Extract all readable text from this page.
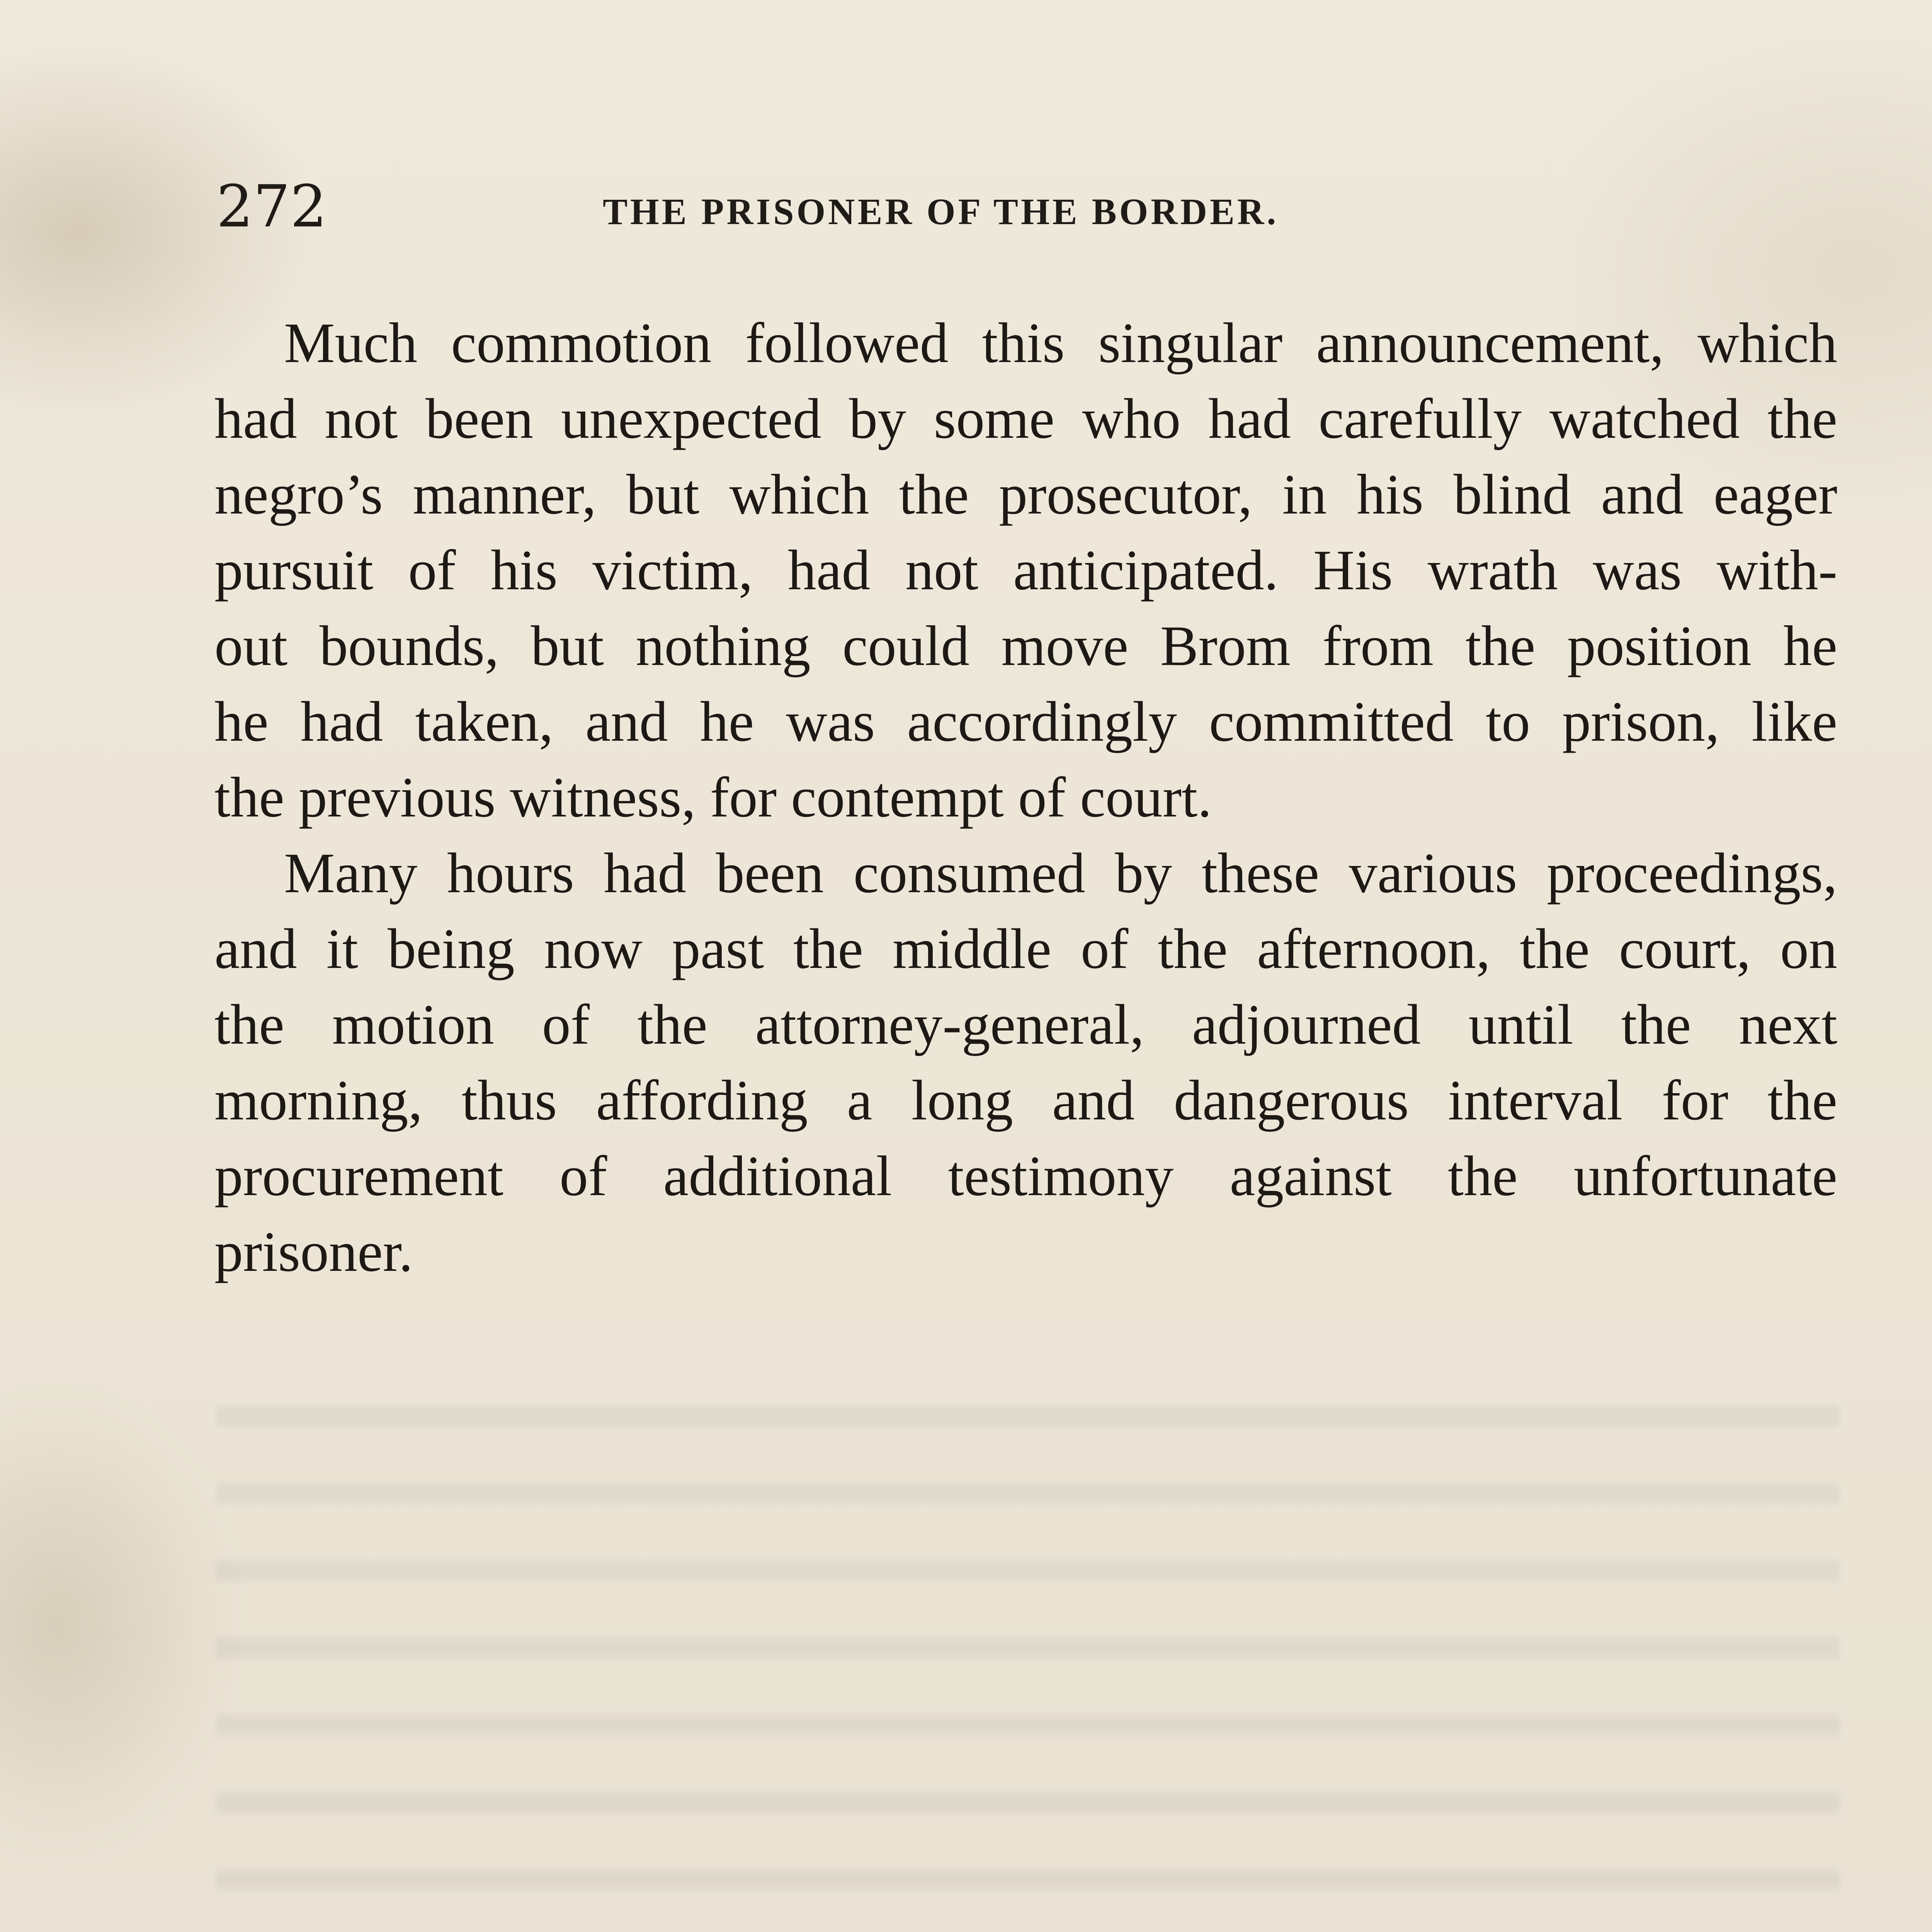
272	THE PRISONER OF THE BORDER.

Much commotion followed this singular announcement, which
had not been unexpected by some who had carefully watched the
negro’s manner, but which the prosecutor, in his blind and eager
pursuit of his victim, had not anticipated. His wrath was with-
out bounds, but nothing could move Brom from the position he
he had taken, and he was accordingly committed to prison, like
the previous witness, for contempt of court.

Many hours had been consumed by these various proceedings,
and it being now past the middle of the afternoon, the court, on
the motion of the attorney-general, adjourned until the next
morning, thus affording a long and dangerous interval for the
procurement of additional testimony against the unfortunate
prisoner.
